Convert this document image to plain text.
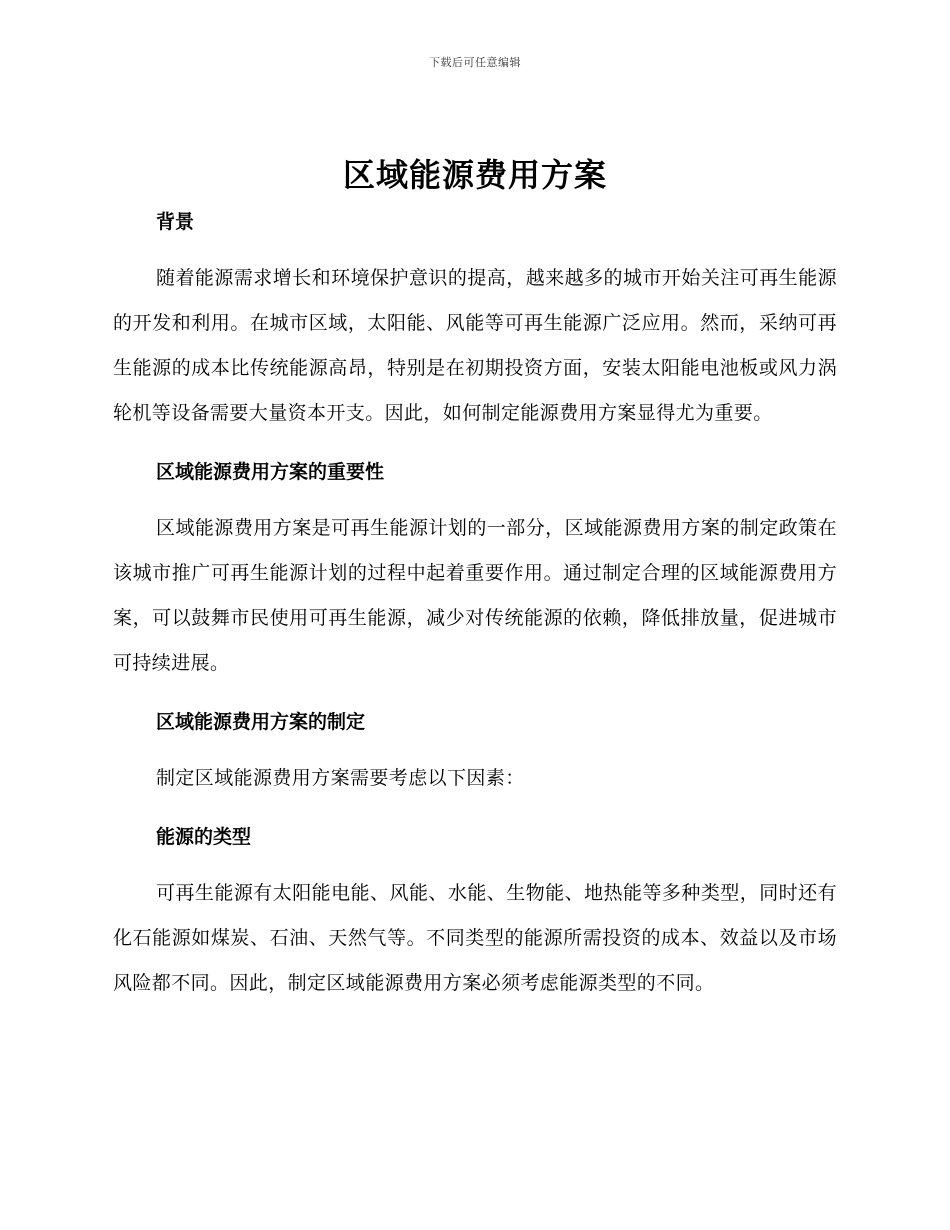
下载后可任意编辑
区域能源费用方案
背景

随着能源需求增长和环境保护意识的提高，越来越多的城市开始关注可再生能源的开发和利用。在城市区域，太阳能、风能等可再生能源广泛应用。然而，采纳可再生能源的成本比传统能源高昂，特别是在初期投资方面，安装太阳能电池板或风力涡轮机等设备需要大量资本开支。因此，如何制定能源费用方案显得尤为重要。

区域能源费用方案的重要性

区域能源费用方案是可再生能源计划的一部分，区域能源费用方案的制定政策在该城市推广可再生能源计划的过程中起着重要作用。通过制定合理的区域能源费用方案，可以鼓舞市民使用可再生能源，减少对传统能源的依赖，降低排放量，促进城市可持续进展。

区域能源费用方案的制定

制定区域能源费用方案需要考虑以下因素：

能源的类型

可再生能源有太阳能电能、风能、水能、生物能、地热能等多种类型，同时还有化石能源如煤炭、石油、天然气等。不同类型的能源所需投资的成本、效益以及市场风险都不同。因此，制定区域能源费用方案必须考虑能源类型的不同。
